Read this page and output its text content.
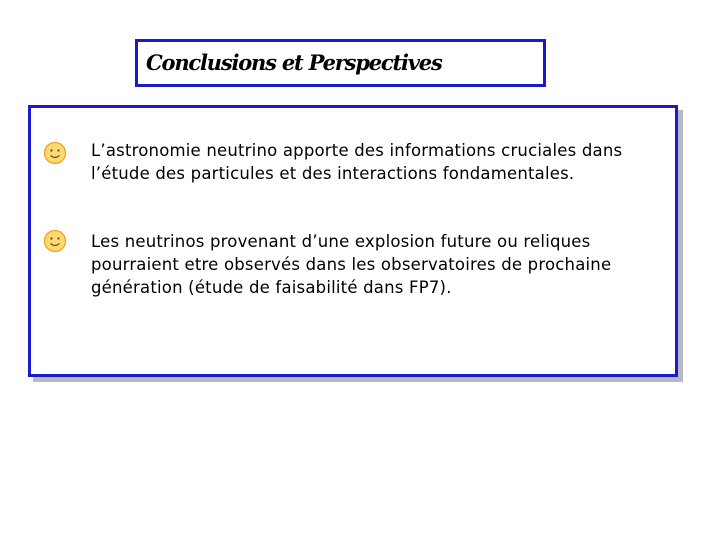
Conclusions et Perspectives
L’astronomie neutrino apporte des informations cruciales dans l’étude des particules et des interactions fondamentales.
Les neutrinos provenant d’une explosion future ou reliques pourraient etre observés dans les observatoires de prochaine génération (étude de faisabilité dans FP7).
